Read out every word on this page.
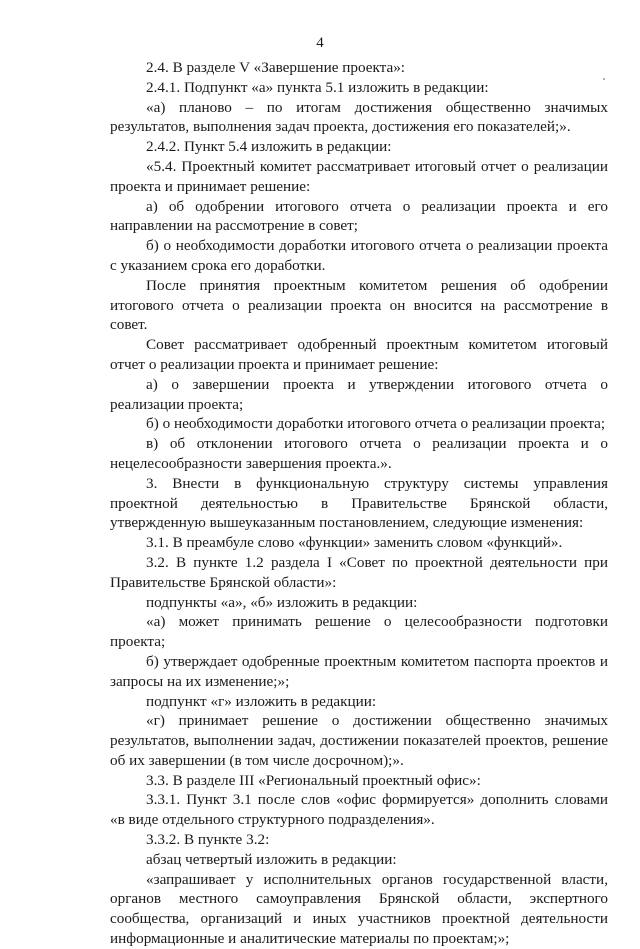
4

2.4. В разделе V «Завершение проекта»:

2.4.1. Подпункт «а» пункта 5.1 изложить в редакции:

«а) планово – по итогам достижения общественно значимых результатов, выполнения задач проекта, достижения его показателей;».

2.4.2. Пункт 5.4 изложить в редакции:

«5.4. Проектный комитет рассматривает итоговый отчет о реализации проекта и принимает решение:

а) об одобрении итогового отчета о реализации проекта и его направлении на рассмотрение в совет;

б) о необходимости доработки итогового отчета о реализации проекта с указанием срока его доработки.

После принятия проектным комитетом решения об одобрении итогового отчета о реализации проекта он вносится на рассмотрение в совет.

Совет рассматривает одобренный проектным комитетом итоговый отчет о реализации проекта и принимает решение:

а) о завершении проекта и утверждении итогового отчета о реализации проекта;

б) о необходимости доработки итогового отчета о реализации проекта;

в) об отклонении итогового отчета о реализации проекта и о нецелесообразности завершения проекта.».

3. Внести в функциональную структуру системы управления проектной деятельностью в Правительстве Брянской области, утвержденную вышеуказанным постановлением, следующие изменения:

3.1. В преамбуле слово «функции» заменить словом «функций».

3.2. В пункте 1.2 раздела I «Совет по проектной деятельности при Правительстве Брянской области»:

подпункты «а», «б» изложить в редакции:

«а) может принимать решение о целесообразности подготовки проекта;

б) утверждает одобренные проектным комитетом паспорта проектов и запросы на их изменение;»;

подпункт «г» изложить в редакции:

«г) принимает решение о достижении общественно значимых результатов, выполнении задач, достижении показателей проектов, решение об их завершении (в том числе досрочном);».

3.3. В разделе III «Региональный проектный офис»:

3.3.1. Пункт 3.1 после слов «офис формируется» дополнить словами «в виде отдельного структурного подразделения».

3.3.2. В пункте 3.2:

абзац четвертый изложить в редакции:

«запрашивает у исполнительных органов государственной власти, органов местного самоуправления Брянской области, экспертного сообщества, организаций и иных участников проектной деятельности информационные и аналитические материалы по проектам;»;
